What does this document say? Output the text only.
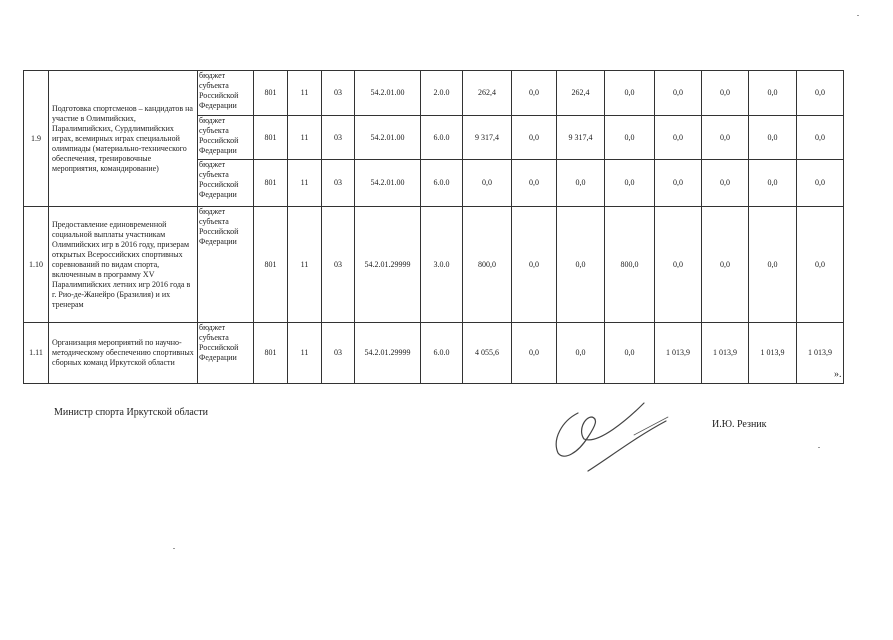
1.9	Подготовка спортсменов – кандидатов на участие в Олимпийских, Паралимпийских, Сурдлимпийских играх, всемирных играх специальной олимпиады (материально-технического обеспечения, тренировочные мероприятия, командирование)	бюджет субъекта Российской Федерации	801	11	03	54.2.01.00	2.0.0	262,4	0,0	262,4	0,0	0,0	0,0	0,0	0,0
		бюджет субъекта Российской Федерации	801	11	03	54.2.01.00	6.0.0	9 317,4	0,0	9 317,4	0,0	0,0	0,0	0,0	0,0
		бюджет субъекта Российской Федерации	801	11	03	54.2.01.00	6.0.0	0,0	0,0	0,0	0,0	0,0	0,0	0,0	0,0
1.10	Предоставление единовременной социальной выплаты участникам Олимпийских игр в 2016 году, призерам открытых Всероссийских спортивных соревнований по видам спорта, включенным в программу XV Паралимпийских летних игр 2016 года в г. Рио-де-Жанейро (Бразилия) и их тренерам	бюджет субъекта Российской Федерации	801	11	03	54.2.01.29999	3.0.0	800,0	0,0	0,0	800,0	0,0	0,0	0,0	0,0
1.11	Организация мероприятий по научно-методическому обеспечению спортивных сборных команд Иркутской области	бюджет субъекта Российской Федерации	801	11	03	54.2.01.29999	6.0.0	4 055,6	0,0	0,0	0,0	1 013,9	1 013,9	1 013,9	1 013,9
».
Министр спорта Иркутской области
И.Ю. Резник
